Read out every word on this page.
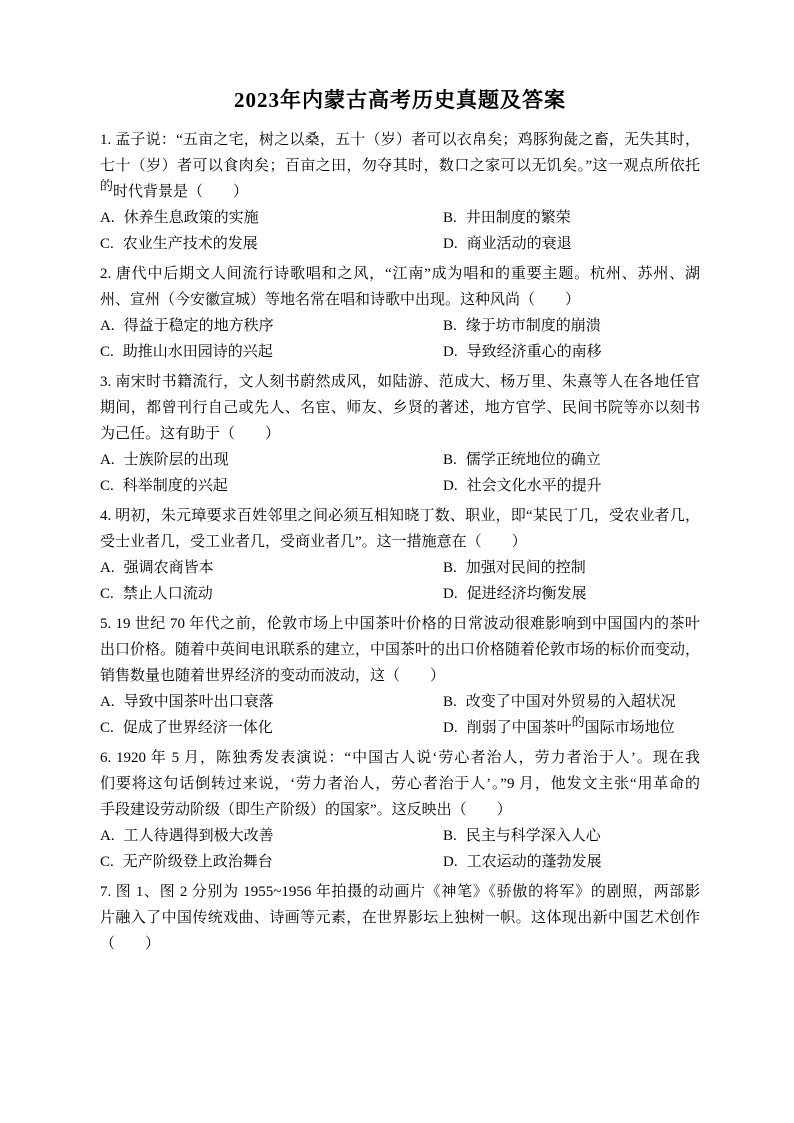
2023年内蒙古高考历史真题及答案
1. 孟子说：“五亩之宅，树之以桑，五十（岁）者可以衣帛矣；鸡豚狗彘之畜，无失其时，
七十（岁）者可以食肉矣；百亩之田，勿夺其时，数口之家可以无饥矣。”这一观点所依托
的时代背景是（　　）
A. 休养生息政策的实施	B. 井田制度的繁荣
C. 农业生产技术的发展	D. 商业活动的衰退
2. 唐代中后期文人间流行诗歌唱和之风，“江南”成为唱和的重要主题。杭州、苏州、湖
州、宣州（今安徽宣城）等地名常在唱和诗歌中出现。这种风尚（　　）
A. 得益于稳定的地方秩序	B. 缘于坊市制度的崩溃
C. 助推山水田园诗的兴起	D. 导致经济重心的南移
3. 南宋时书籍流行，文人刻书蔚然成风，如陆游、范成大、杨万里、朱熹等人在各地任官
期间，都曾刊行自己或先人、名宦、师友、乡贤的著述，地方官学、民间书院等亦以刻书
为己任。这有助于（　　）
A. 士族阶层的出现	B. 儒学正统地位的确立
C. 科举制度的兴起	D. 社会文化水平的提升
4. 明初，朱元璋要求百姓邻里之间必须互相知晓丁数、职业，即“某民丁几，受农业者几，
受士业者几，受工业者几，受商业者几”。这一措施意在（　　）
A. 强调农商皆本	B. 加强对民间的控制
C. 禁止人口流动	D. 促进经济均衡发展
5. 19 世纪 70 年代之前，伦敦市场上中国茶叶价格的日常波动很难影响到中国国内的茶叶
出口价格。随着中英间电讯联系的建立，中国茶叶的出口价格随着伦敦市场的标价而变动，
销售数量也随着世界经济的变动而波动，这（　　）
A. 导致中国茶叶出口衰落	B. 改变了中国对外贸易的入超状况
C. 促成了世界经济一体化	D. 削弱了中国茶叶的国际市场地位
6. 1920 年 5 月，陈独秀发表演说：“中国古人说‘劳心者治人，劳力者治于人’。现在我
们要将这句话倒转过来说，‘劳力者治人，劳心者治于人’。”9 月，他发文主张“用革命的
手段建设劳动阶级（即生产阶级）的国家”。这反映出（　　）
A. 工人待遇得到极大改善	B. 民主与科学深入人心
C. 无产阶级登上政治舞台	D. 工农运动的蓬勃发展
7. 图 1、图 2 分别为 1955~1956 年拍摄的动画片《神笔》《骄傲的将军》的剧照，两部影
片融入了中国传统戏曲、诗画等元素，在世界影坛上独树一帜。这体现出新中国艺术创作
（　　）
